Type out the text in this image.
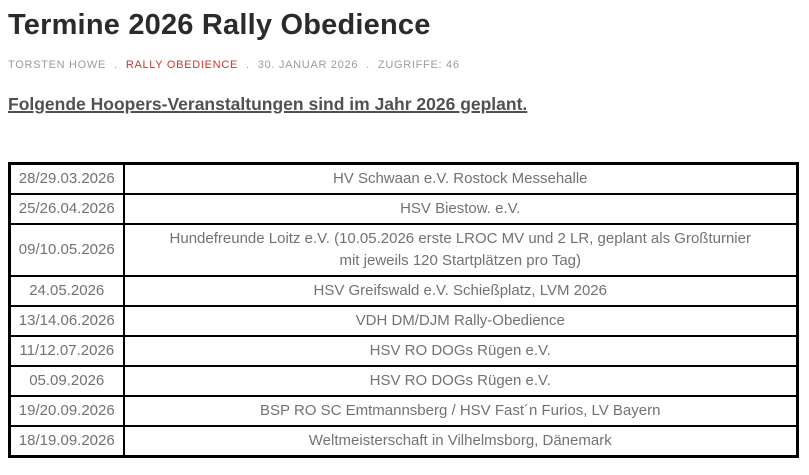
Termine 2026 Rally Obedience
TORSTEN HOWE . RALLY OBEDIENCE . 30. JANUAR 2026 . ZUGRIFFE: 46

Folgende Hoopers-Veranstaltungen sind im Jahr 2026 geplant.

28/29.03.2026	HV Schwaan e.V. Rostock Messehalle
25/26.04.2026	HSV Biestow. e.V.
09/10.05.2026	Hundefreunde Loitz e.V. (10.05.2026 erste LROC MV und 2 LR, geplant als Großturnier mit jeweils 120 Startplätzen pro Tag)
24.05.2026	HSV Greifswald e.V. Schießplatz, LVM 2026
13/14.06.2026	VDH DM/DJM Rally-Obedience
11/12.07.2026	HSV RO DOGs Rügen e.V.
05.09.2026	HSV RO DOGs Rügen e.V.
19/20.09.2026	BSP RO SC Emtmannsberg / HSV Fast´n Furios, LV Bayern
18/19.09.2026	Weltmeisterschaft in Vilhelmsborg, Dänemark
